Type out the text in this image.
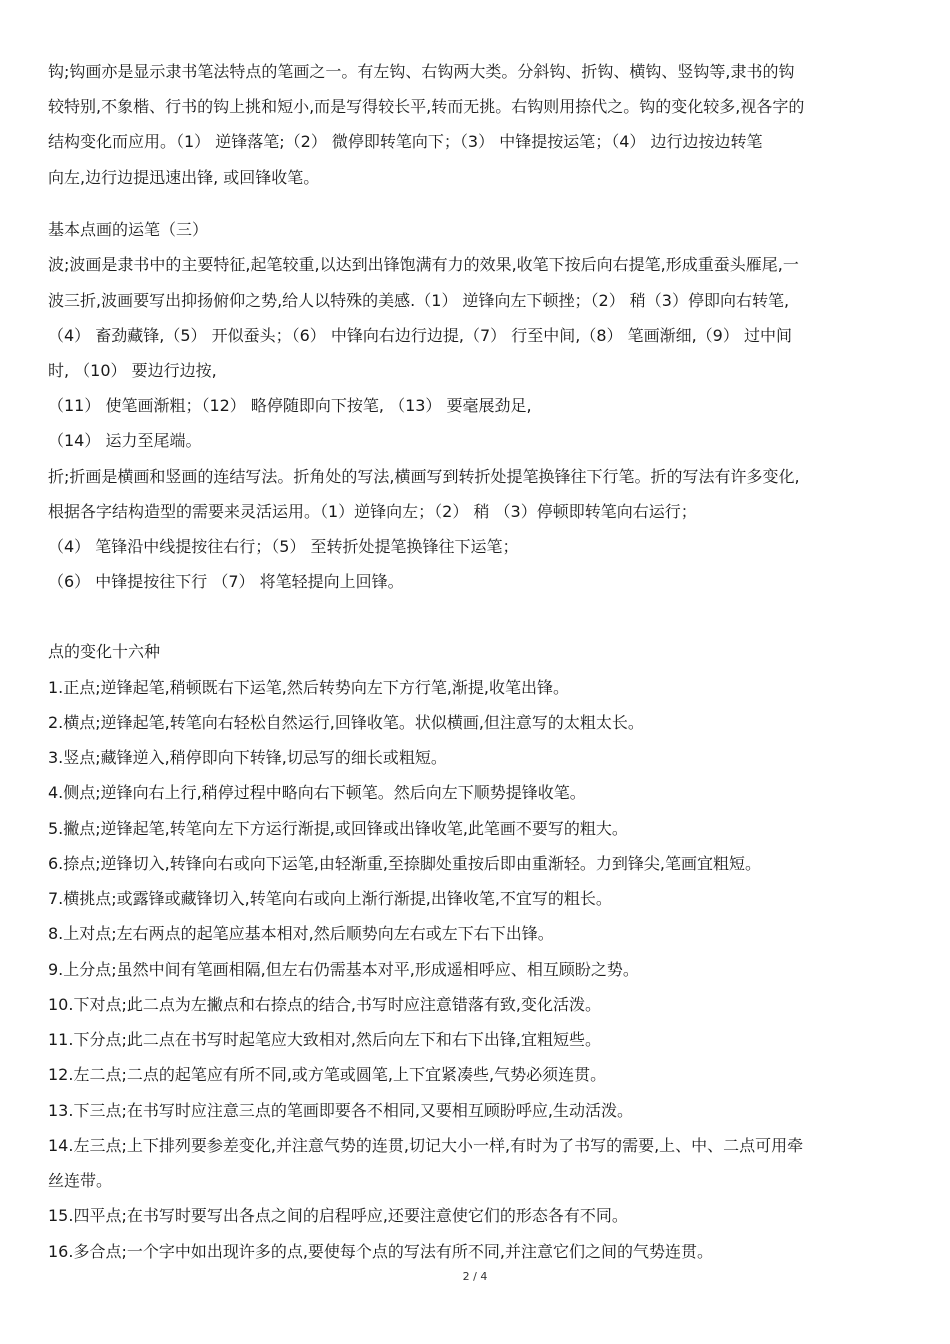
钩;钩画亦是显示隶书笔法特点的笔画之一。有左钩、右钩两大类。分斜钩、折钩、横钩、竖钩等,隶书的钩
较特别,不象楷、行书的钩上挑和短小,而是写得较长平,转而无挑。右钩则用捺代之。钩的变化较多,视各字的
结构变化而应用。（1） 逆锋落笔;（2） 微停即转笔向下；（3） 中锋提按运笔；（4） 边行边按边转笔
向左,边行边提迅速出锋, 或回锋收笔。
基本点画的运笔（三）
波;波画是隶书中的主要特征,起笔较重,以达到出锋饱满有力的效果,收笔下按后向右提笔,形成重蚕头雁尾,一
波三折,波画要写出抑扬俯仰之势,给人以特殊的美感.（1） 逆锋向左下顿挫；（2） 稍（3）停即向右转笔,
（4） 畜劲藏锋,（5） 开似蚕头；（6） 中锋向右边行边提,（7） 行至中间,（8） 笔画渐细,（9） 过中间
时, （10） 要边行边按,
（11） 使笔画渐粗；（12） 略停随即向下按笔, （13） 要毫展劲足,
（14） 运力至尾端。
折;折画是横画和竖画的连结写法。折角处的写法,横画写到转折处提笔换锋往下行笔。折的写法有许多变化,
根据各字结构造型的需要来灵活运用。（1）逆锋向左；（2） 稍 （3）停顿即转笔向右运行；
（4） 笔锋沿中线提按往右行；（5） 至转折处提笔换锋往下运笔；
（6） 中锋提按往下行 （7） 将笔轻提向上回锋。
点的变化十六种
1.正点;逆锋起笔,稍顿既右下运笔,然后转势向左下方行笔,渐提,收笔出锋。
2.横点;逆锋起笔,转笔向右轻松自然运行,回锋收笔。状似横画,但注意写的太粗太长。
3.竖点;藏锋逆入,稍停即向下转锋,切忌写的细长或粗短。
4.侧点;逆锋向右上行,稍停过程中略向右下顿笔。然后向左下顺势提锋收笔。
5.撇点;逆锋起笔,转笔向左下方运行渐提,或回锋或出锋收笔,此笔画不要写的粗大。
6.捺点;逆锋切入,转锋向右或向下运笔,由轻渐重,至捺脚处重按后即由重渐轻。力到锋尖,笔画宜粗短。
7.横挑点;或露锋或藏锋切入,转笔向右或向上渐行渐提,出锋收笔,不宜写的粗长。
8.上对点;左右两点的起笔应基本相对,然后顺势向左右或左下右下出锋。
9.上分点;虽然中间有笔画相隔,但左右仍需基本对平,形成遥相呼应、相互顾盼之势。
10.下对点;此二点为左撇点和右捺点的结合,书写时应注意错落有致,变化活泼。
11.下分点;此二点在书写时起笔应大致相对,然后向左下和右下出锋,宜粗短些。
12.左二点;二点的起笔应有所不同,或方笔或圆笔,上下宜紧凑些,气势必须连贯。
13.下三点;在书写时应注意三点的笔画即要各不相同,又要相互顾盼呼应,生动活泼。
14.左三点;上下排列要参差变化,并注意气势的连贯,切记大小一样,有时为了书写的需要,上、中、二点可用牵
丝连带。
15.四平点;在书写时要写出各点之间的启程呼应,还要注意使它们的形态各有不同。
16.多合点;一个字中如出现许多的点,要使每个点的写法有所不同,并注意它们之间的气势连贯。
2 / 4
